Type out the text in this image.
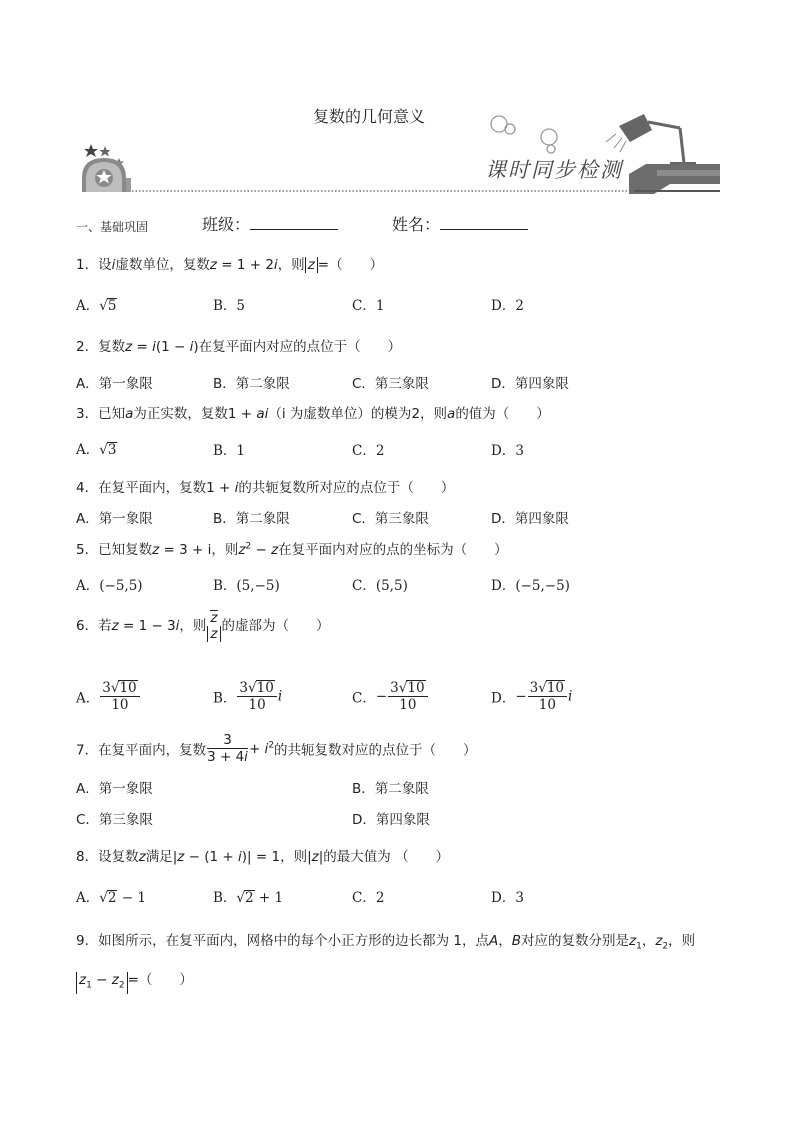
复数的几何意义
课时同步检测
一、基础巩固	班级：	姓名：
1．设i虚数单位，复数z = 1 + 2i，则 z =（　　）
A．√5	B．5	C．1	D．2
2．复数z = i(1 − i)在复平面内对应的点位于（　　）
A．第一象限	B．第二象限	C．第三象限	D．第四象限
3．已知a为正实数，复数1 + ai（i 为虚数单位）的模为2，则a的值为（　　）
A．√3	B．1	C．2	D．3
4．在复平面内，复数1 + i的共轭复数所对应的点位于（　　）
A．第一象限	B．第二象限	C．第三象限	D．第四象限
5．已知复数z = 3 + i，则$z^2 - z$在复平面内对应的点的坐标为（　　）
A．(−5,5)	B．(5,−5)	C．(5,5)	D．(−5,−5)
6．若z = 1 − 3i，则 z
z 的虚部为（　　）
A． $\frac{3√10}{10}$	B． $\frac{3√10}{10}$ i	C．− $\frac{3√10}{10}$	D．− $\frac{3√10}{10}$ i
7．在复平面内，复数 $\frac{3}{3 + 4i} + i^2$的共轭复数对应的点位于（　　）
A．第一象限	B．第二象限
C．第三象限	D．第四象限
8．设复数z满足|z − (1 + i)| = 1，则|z|的最大值为 （　　）
A．√2 − 1	B．√2 + 1	C．2	D．3
9．如图所示，在复平面内，网格中的每个小正方形的边长都为 1，点A，B对应的复数分别是$z_1$，$z_2$，则
$z_1 - z_2$ =（　　）
